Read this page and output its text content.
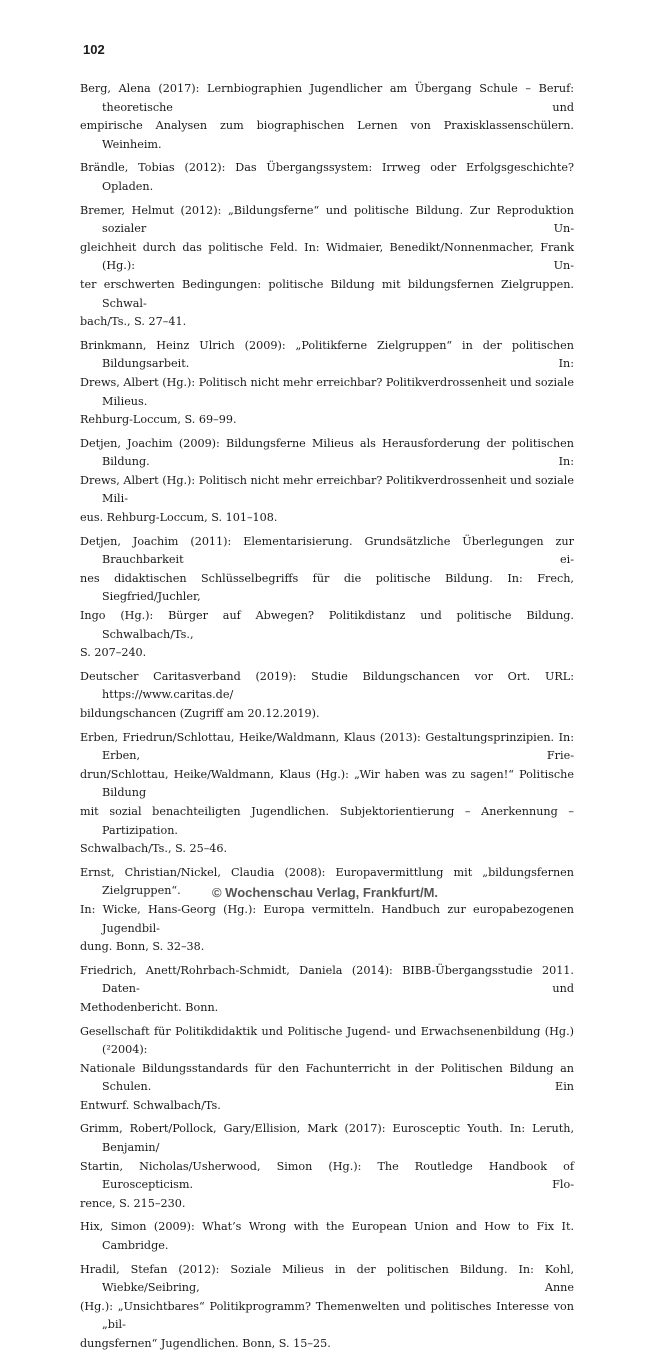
102
Berg, Alena (2017): Lernbiographien Jugendlicher am Übergang Schule – Beruf: theoretische und
empirische Analysen zum biographischen Lernen von Praxisklassenschülern. Weinheim.
Brändle, Tobias (2012): Das Übergangssystem: Irrweg oder Erfolgsgeschichte? Opladen.
Bremer, Helmut (2012): „Bildungsferne“ und politische Bildung. Zur Reproduktion sozialer Un-
gleichheit durch das politische Feld. In: Widmaier, Benedikt/Nonnenmacher, Frank (Hg.): Un-
ter erschwerten Bedingungen: politische Bildung mit bildungsfernen Zielgruppen. Schwal-
bach/Ts., S. 27–41.
Brinkmann, Heinz Ulrich (2009): „Politikferne Zielgruppen“ in der politischen Bildungsarbeit. In:
Drews, Albert (Hg.): Politisch nicht mehr erreichbar? Politikverdrossenheit und soziale Milieus.
Rehburg-Loccum, S. 69–99.
Detjen, Joachim (2009): Bildungsferne Milieus als Herausforderung der politischen Bildung. In:
Drews, Albert (Hg.): Politisch nicht mehr erreichbar? Politikverdrossenheit und soziale Mili-
eus. Rehburg-Loccum, S. 101–108.
Detjen, Joachim (2011): Elementarisierung. Grundsätzliche Überlegungen zur Brauchbarkeit ei-
nes didaktischen Schlüsselbegriffs für die politische Bildung. In: Frech, Siegfried/Juchler,
Ingo (Hg.): Bürger auf Abwegen? Politikdistanz und politische Bildung. Schwalbach/Ts.,
S. 207–240.
Deutscher Caritasverband (2019): Studie Bildungschancen vor Ort. URL: https://www.caritas.de/
bildungschancen (Zugriff am 20.12.2019).
Erben, Friedrun/Schlottau, Heike/Waldmann, Klaus (2013): Gestaltungsprinzipien. In: Erben, Frie-
drun/Schlottau, Heike/Waldmann, Klaus (Hg.): „Wir haben was zu sagen!“ Politische Bildung
mit sozial benachteiligten Jugendlichen. Subjektorientierung – Anerkennung – Partizipation.
Schwalbach/Ts., S. 25–46.
Ernst, Christian/Nickel, Claudia (2008): Europavermittlung mit „bildungsfernen Zielgruppen“.
In: Wicke, Hans-Georg (Hg.): Europa vermitteln. Handbuch zur europabezogenen Jugendbil-
dung. Bonn, S. 32–38.
Friedrich, Anett/Rohrbach-Schmidt, Daniela (2014): BIBB-Übergangsstudie 2011. Daten- und
Methodenbericht. Bonn.
Gesellschaft für Politikdidaktik und Politische Jugend- und Erwachsenenbildung (Hg.) (²2004):
Nationale Bildungsstandards für den Fachunterricht in der Politischen Bildung an Schulen. Ein
Entwurf. Schwalbach/Ts.
Grimm, Robert/Pollock, Gary/Ellision, Mark (2017): Eurosceptic Youth. In: Leruth, Benjamin/
Startin, Nicholas/Usherwood, Simon (Hg.): The Routledge Handbook of Euroscepticism. Flo-
rence, S. 215–230.
Hix, Simon (2009): What’s Wrong with the European Union and How to Fix It. Cambridge.
Hradil, Stefan (2012): Soziale Milieus in der politischen Bildung. In: Kohl, Wiebke/Seibring, Anne
(Hg.): „Unsichtbares“ Politikprogramm? Themenwelten und politisches Interesse von „bil-
dungsfernen“ Jugendlichen. Bonn, S. 15–25.
© Wochenschau Verlag, Frankfurt/M.
